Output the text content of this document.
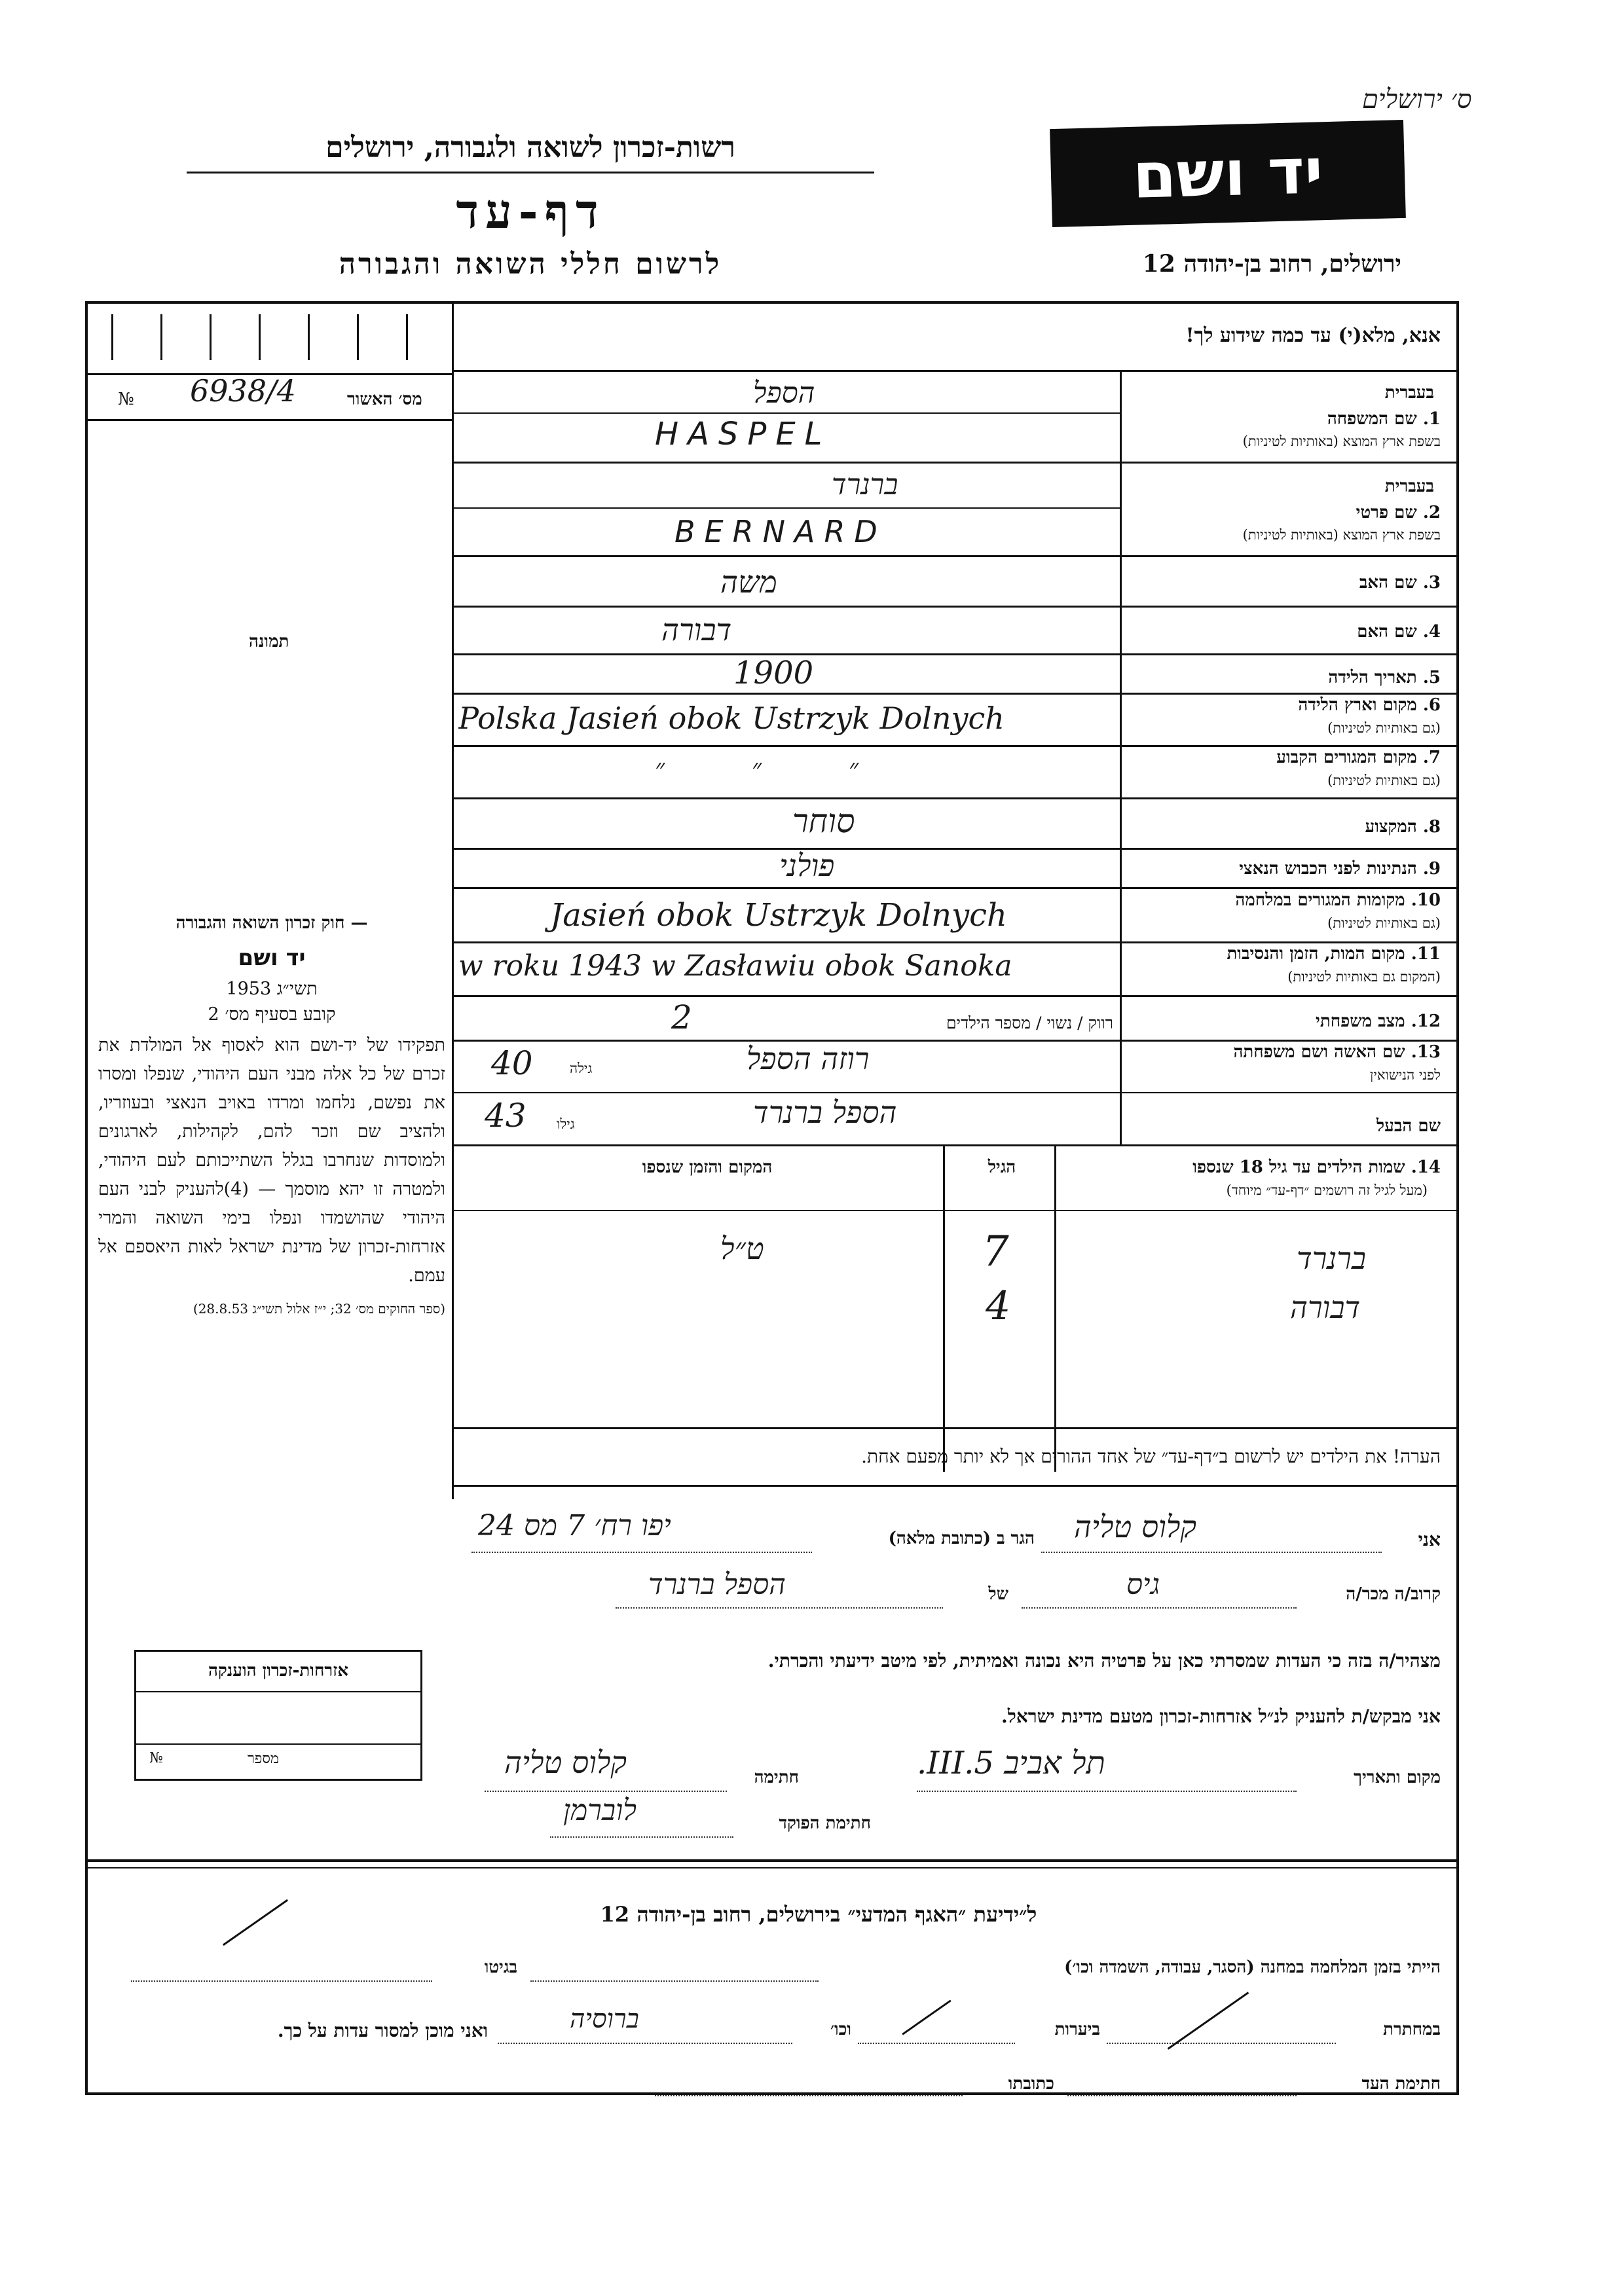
ס׳ ירושלים
רשות-זכרון לשואה ולגבורה, ירושלים
דף-עד
לרשום חללי השואה והגבורה
יד ושם
ירושלים, רחוב בן-יהודה 12
№ 6938/4	מס׳ האשור
תמונה
— חוק זכרון השואה והגבורה
יד ושם
תשי״ג 1953
קובע בסעיף מס׳ 2
תפקידו של יד-ושם הוא לאסוף אל המולדת את זכרם של כל אלה מבני העם היהודי, שנפלו ומסרו את נפשם, נלחמו ומרדו באויב הנאצי ובעוזריו, ולהציב שם וזכר להם, לקהילות, לארגונים ולמוסדות שנחרבו בגלל השתייכותם לעם היהודי, ולמטרה זו יהא מוסמך — (4)להעניק לבני העם היהודי שהושמדו ונפלו בימי השואה והמרי אזרחות-זכרון של מדינת ישראל לאות היאספם אל עמם.
(ספר החוקים מס׳ 32; י״ז אלול תשי״ג 28.8.53)
אנא, מלא(י) עד כמה שידוע לך!
בעברית
1. שם המשפחה
בשפת ארץ המוצא (באותיות לטיניות)
הספל
HASPEL
בעברית
2. שם פרטי
בשפת ארץ המוצא (באותיות לטיניות)
ברנרד
BERNARD
3. שם האב
משה
4. שם האם
דבורה
5. תאריך הלידה
1900
6. מקום וארץ הלידה
(גם באותיות לטיניות)
Polska Jasień obok Ustrzyk Dolnych
7. מקום המגורים הקבוע
(גם באותיות לטיניות)
״ ״ ״
8. המקצוע
סוחר
9. הנתינות לפני הכבוש הנאצי
פולני
10. מקומות המגורים במלחמה
(גם באותיות לטיניות)
Jasień obok Ustrzyk Dolnych
11. מקום המות, הזמן והנסיבות
(המקום גם באותיות לטיניות)
w roku 1943 w Zasławiu obok Sanoka
12. מצב משפחתי
רווק / נשוי / מספר הילדים
2
13. שם האשה ושם משפחתה
לפני הנישואין
רוזה הספל
גילה
40
שם הבעל
הספל ברנרד
גילו
43
14. שמות הילדים עד גיל 18 שנספו
(מעל לגיל זה רושמים ״דף-עד״ מיוחד)
הגיל
המקום והזמן שנספו
ברנרד
7
ט״ל
דבורה
4
הערה! את הילדים יש לרשום ב״דף-עד״ של אחד ההורים אך לא יותר מפעם אחת.
אני
קלוס טליה
הגר ב (כתובת מלאה)
יפו רח׳ 7 מס 24
קרוב/ה מכר/ה
גיס
של
הספל ברנרד
מצהיר/ה בזה כי העדות שמסרתי כאן על פרטיה היא נכונה ואמיתית, לפי מיטב ידיעתי והכרתי.
אני מבקש/ת להעניק לנ״ל אזרחות-זכרון מטעם מדינת ישראל.
מקום ותאריך
תל אביב 5.III.
חתימה
קלוס טליה
חתימת הפוקד
לוברמן
אזרחות-זכרון הוענקה
מספר
№
ל״ידיעת ״האגף המדעי״ בירושלים, רחוב בן-יהודה 12
הייתי בזמן המלחמה במחנה (הסגר, עבודה, השמדה וכו׳)
בגיטו
במחתרת
ביערות
וכו׳
ברוסיה
ואני מוכן למסור עדות על כך.
חתימת העד
כתובתו
